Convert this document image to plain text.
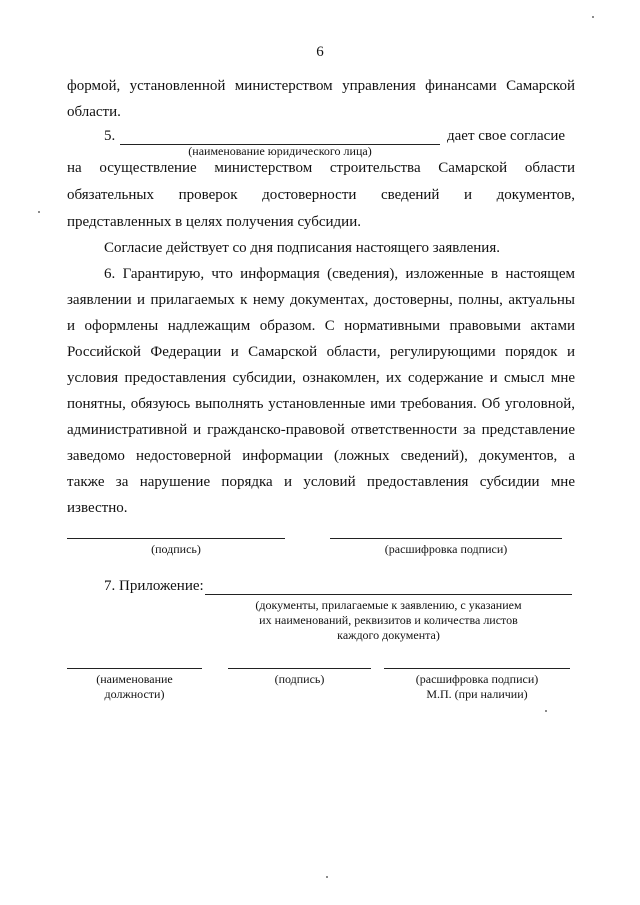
6
формой, установленной министерством управления финансами Самарской
области.
5.	дает свое согласие
(наименование юридического лица)
на осуществление министерством строительства Самарской области
обязательных проверок достоверности сведений и документов,
представленных в целях получения субсидии.
Согласие действует со дня подписания настоящего заявления.
6. Гарантирую, что информация (сведения), изложенные в настоящем
заявлении и прилагаемых к нему документах, достоверны, полны, актуальны
и оформлены надлежащим образом. С нормативными правовыми актами
Российской Федерации и Самарской области, регулирующими порядок и
условия предоставления субсидии, ознакомлен, их содержание и смысл мне
понятны, обязуюсь выполнять установленные ими требования. Об уголовной,
административной и гражданско-правовой ответственности за представление
заведомо недостоверной информации (ложных сведений), документов, а
также за нарушение порядка и условий предоставления субсидии мне
известно.
(подпись)	(расшифровка подписи)
7. Приложение:
(документы, прилагаемые к заявлению, с указанием
их наименований, реквизитов и количества листов
каждого документа)
(наименование
должности)
(подпись)	(расшифровка подписи)
М.П. (при наличии)
